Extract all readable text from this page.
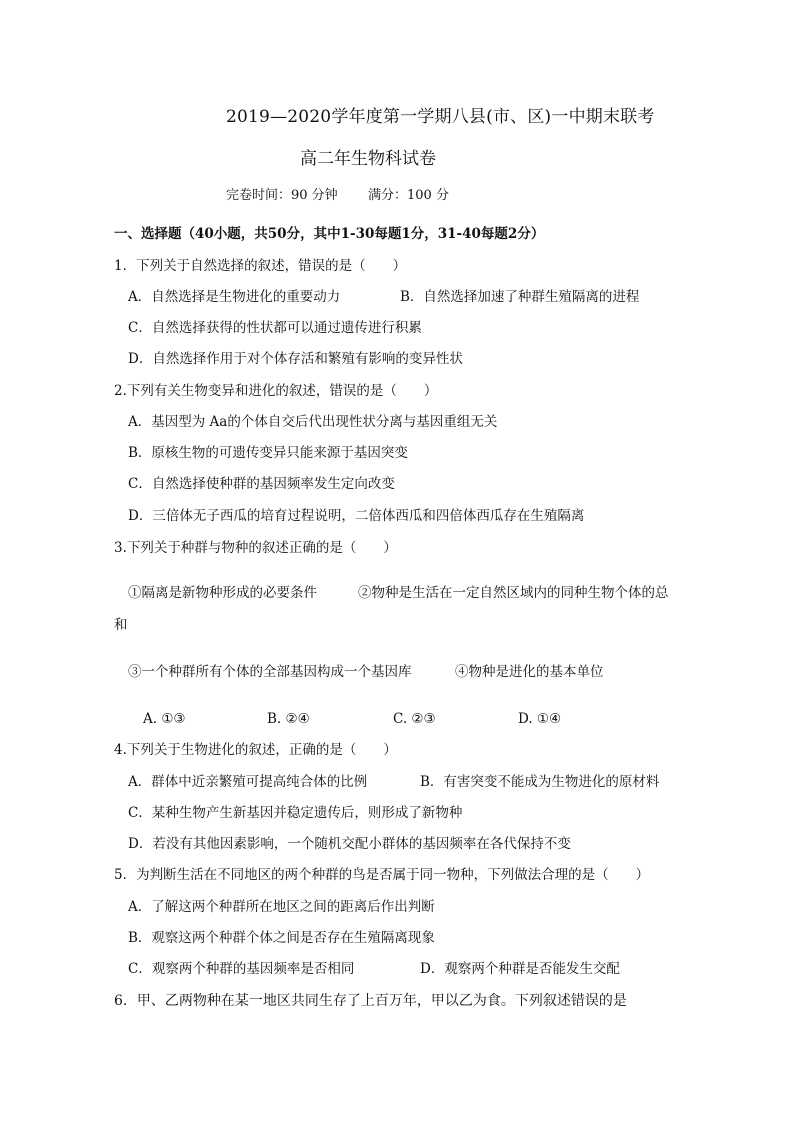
2019—2020学年度第一学期八县(市、区)一中期末联考
高二年生物科试卷
完卷时间：90 分钟 满分：100 分
一、选择题（40小题，共50分，其中1-30每题1分，31-40每题2分）
1．下列关于自然选择的叙述，错误的是（　　）
A．自然选择是生物进化的重要动力	B．自然选择加速了种群生殖隔离的进程
C．自然选择获得的性状都可以通过遗传进行积累
D．自然选择作用于对个体存活和繁殖有影响的变异性状
2.下列有关生物变异和进化的叙述，错误的是（　　）
A．基因型为 Aa的个体自交后代出现性状分离与基因重组无关
B．原核生物的可遗传变异只能来源于基因突变
C．自然选择使种群的基因频率发生定向改变
D．三倍体无子西瓜的培育过程说明，二倍体西瓜和四倍体西瓜存在生殖隔离
3.下列关于种群与物种的叙述正确的是（　　）
①隔离是新物种形成的必要条件	②物种是生活在一定自然区域内的同种生物个体的总
和
③一个种群所有个体的全部基因构成一个基因库	④物种是进化的基本单位
A. ①③	B. ②④	C. ②③	D. ①④
4.下列关于生物进化的叙述，正确的是（　　）
A．群体中近亲繁殖可提高纯合体的比例	B．有害突变不能成为生物进化的原材料
C．某种生物产生新基因并稳定遗传后，则形成了新物种
D．若没有其他因素影响，一个随机交配小群体的基因频率在各代保持不变
5．为判断生活在不同地区的两个种群的鸟是否属于同一物种，下列做法合理的是（　　）
A．了解这两个种群所在地区之间的距离后作出判断
B．观察这两个种群个体之间是否存在生殖隔离现象
C．观察两个种群的基因频率是否相同	D．观察两个种群是否能发生交配
6．甲、乙两物种在某一地区共同生存了上百万年，甲以乙为食。下列叙述错误的是
